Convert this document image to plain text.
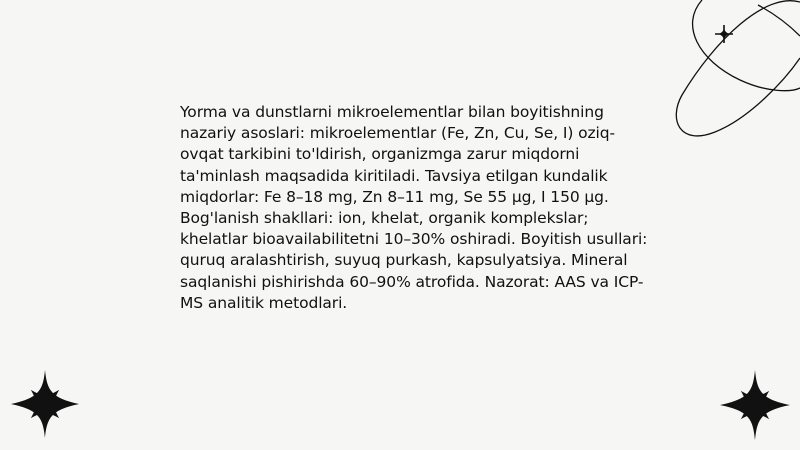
Yorma va dunstlarni mikroelementlar bilan boyitishning nazariy asoslari: mikroelementlar (Fe, Zn, Cu, Se, I) oziq-ovqat tarkibini to'ldirish, organizmga zarur miqdorni ta'minlash maqsadida kiritiladi. Tavsiya etilgan kundalik miqdorlar: Fe 8–18 mg, Zn 8–11 mg, Se 55 µg, I 150 µg. Bog'lanish shakllari: ion, khelat, organik komplekslar; khelatlar bioavailabilitetni 10–30% oshiradi. Boyitish usullari: quruq aralashtirish, suyuq purkash, kapsulyatsiya. Mineral saqlanishi pishirishda 60–90% atrofida. Nazorat: AAS va ICP-MS analitik metodlari.
